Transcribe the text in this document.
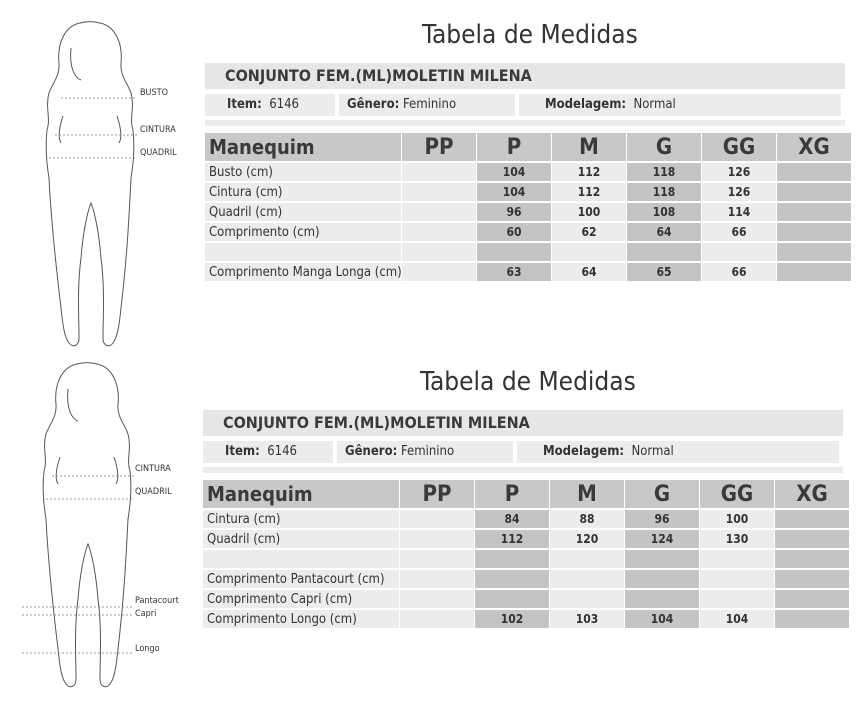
BUSTO
CINTURA
QUADRIL
Tabela de Medidas
CONJUNTO FEM.(ML)MOLETIN MILENA
Item: 6146	Gênero: Feminino	Modelagem: Normal
Manequim	PP	P	M	G	GG	XG
Busto (cm)		104	112	118	126	
Cintura (cm)		104	112	118	126	
Quadril (cm)		96	100	108	114	
Comprimento (cm)		60	62	64	66	

Comprimento Manga Longa (cm)		63	64	65	66	
CINTURA
QUADRIL
Pantacourt
Capri
Longo
Tabela de Medidas
CONJUNTO FEM.(ML)MOLETIN MILENA
Item: 6146	Gênero: Feminino	Modelagem: Normal
Manequim	PP	P	M	G	GG	XG
Cintura (cm)		84	88	96	100	
Quadril (cm)		112	120	124	130	

Comprimento Pantacourt (cm)						
Comprimento Capri (cm)						
Comprimento Longo (cm)		102	103	104	104	
